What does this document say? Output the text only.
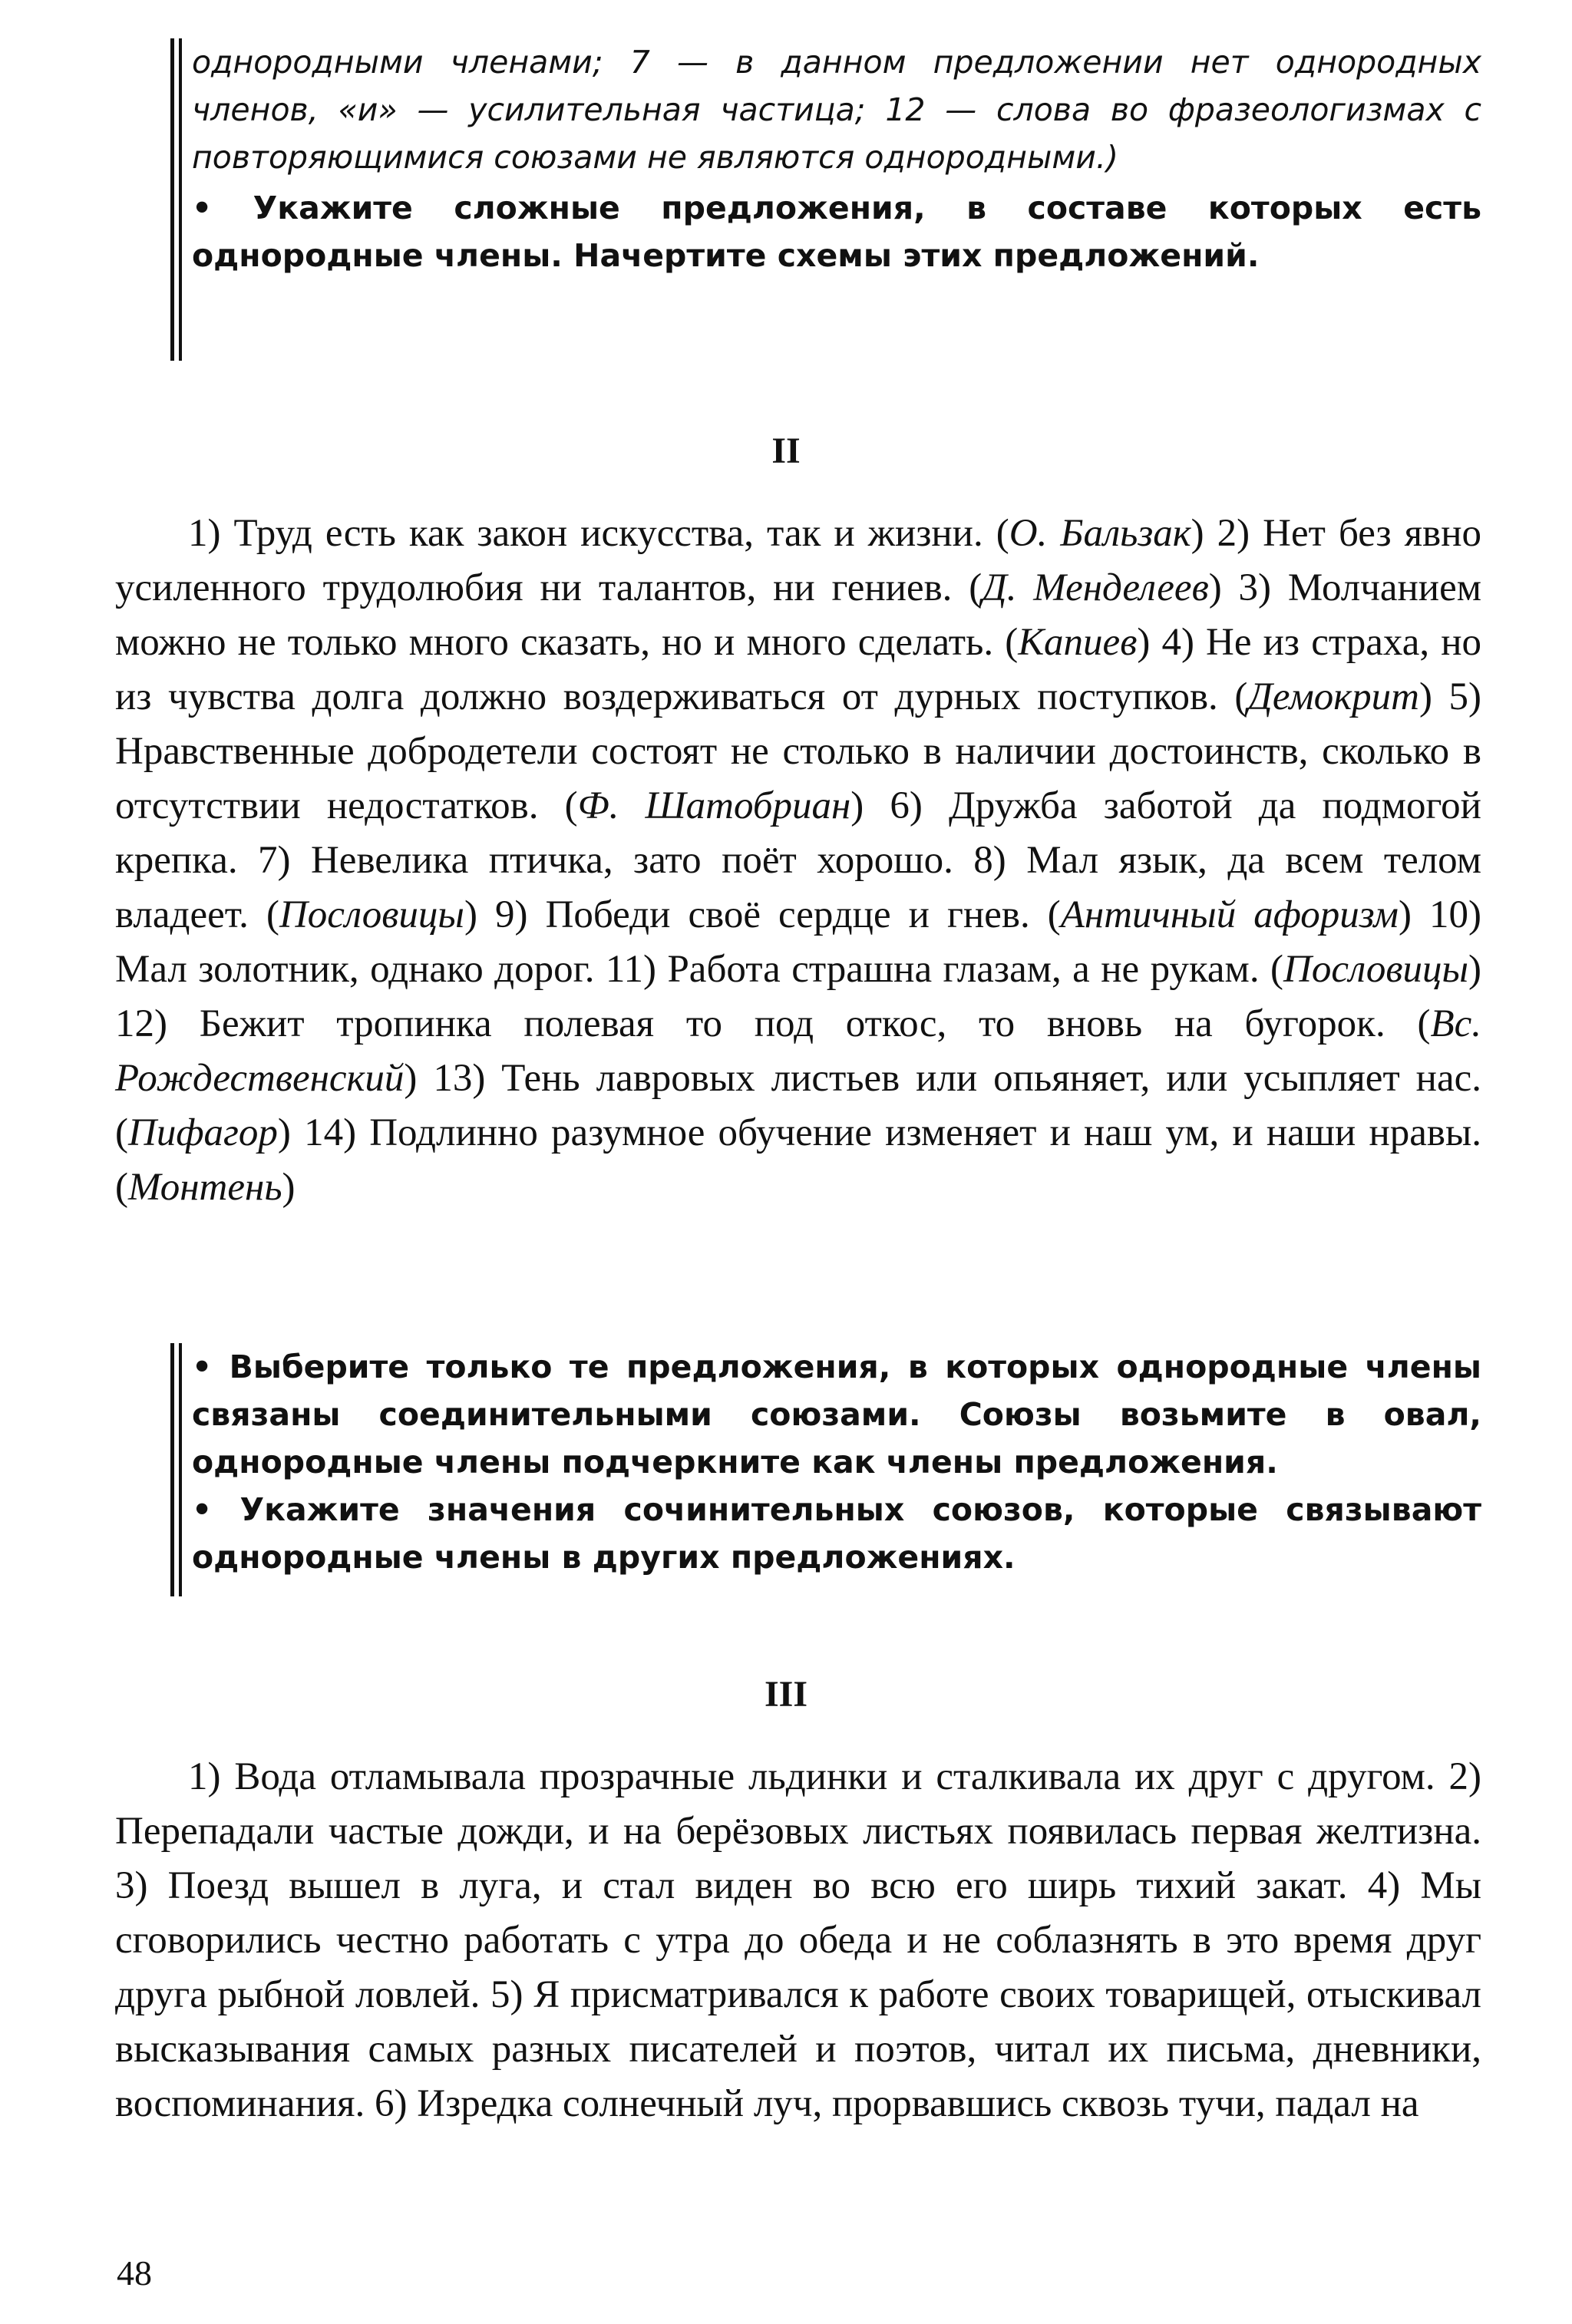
однородными членами; 7 — в данном предложении нет однородных членов, «и» — усилительная частица; 12 — слова во фразеологизмах с повторяющимися союзами не являются однородными.)

• Укажите сложные предложения, в составе которых есть однородные члены. Начертите схемы этих предложений.

II

1) Труд есть как закон искусства, так и жизни. (О. Бальзак) 2) Нет без явно усиленного трудолюбия ни талантов, ни гениев. (Д. Менделеев) 3) Молчанием можно не только много сказать, но и много сделать. (Капиев) 4) Не из страха, но из чувства долга должно воздерживаться от дурных поступков. (Демокрит) 5) Нравственные добродетели состоят не столько в наличии достоинств, сколько в отсутствии недостатков. (Ф. Шатобриан) 6) Дружба заботой да подмогой крепка. 7) Невелика птичка, зато поёт хорошо. 8) Мал язык, да всем телом владеет. (Пословицы) 9) Победи своё сердце и гнев. (Античный афоризм) 10) Мал золотник, однако дорог. 11) Работа страшна глазам, а не рукам. (Пословицы) 12) Бежит тропинка полевая то под откос, то вновь на бугорок. (Вс. Рождественский) 13) Тень лавровых листьев или опьяняет, или усыпляет нас. (Пифагор) 14) Подлинно разумное обучение изменяет и наш ум, и наши нравы. (Монтень)

• Выберите только те предложения, в которых однородные члены связаны соединительными союзами. Союзы возьмите в овал, однородные члены подчеркните как члены предложения.

• Укажите значения сочинительных союзов, которые связывают однородные члены в других предложениях.

III

1) Вода отламывала прозрачные льдинки и сталкивала их друг с другом. 2) Перепадали частые дожди, и на берёзовых листьях появилась первая желтизна. 3) Поезд вышел в луга, и стал виден во всю его ширь тихий закат. 4) Мы сговорились честно работать с утра до обеда и не соблазнять в это время друг друга рыбной ловлей. 5) Я присматривался к работе своих товарищей, отыскивал высказывания самых разных писателей и поэтов, читал их письма, дневники, воспоминания. 6) Изредка солнечный луч, прорвавшись сквозь тучи, падал на

48
